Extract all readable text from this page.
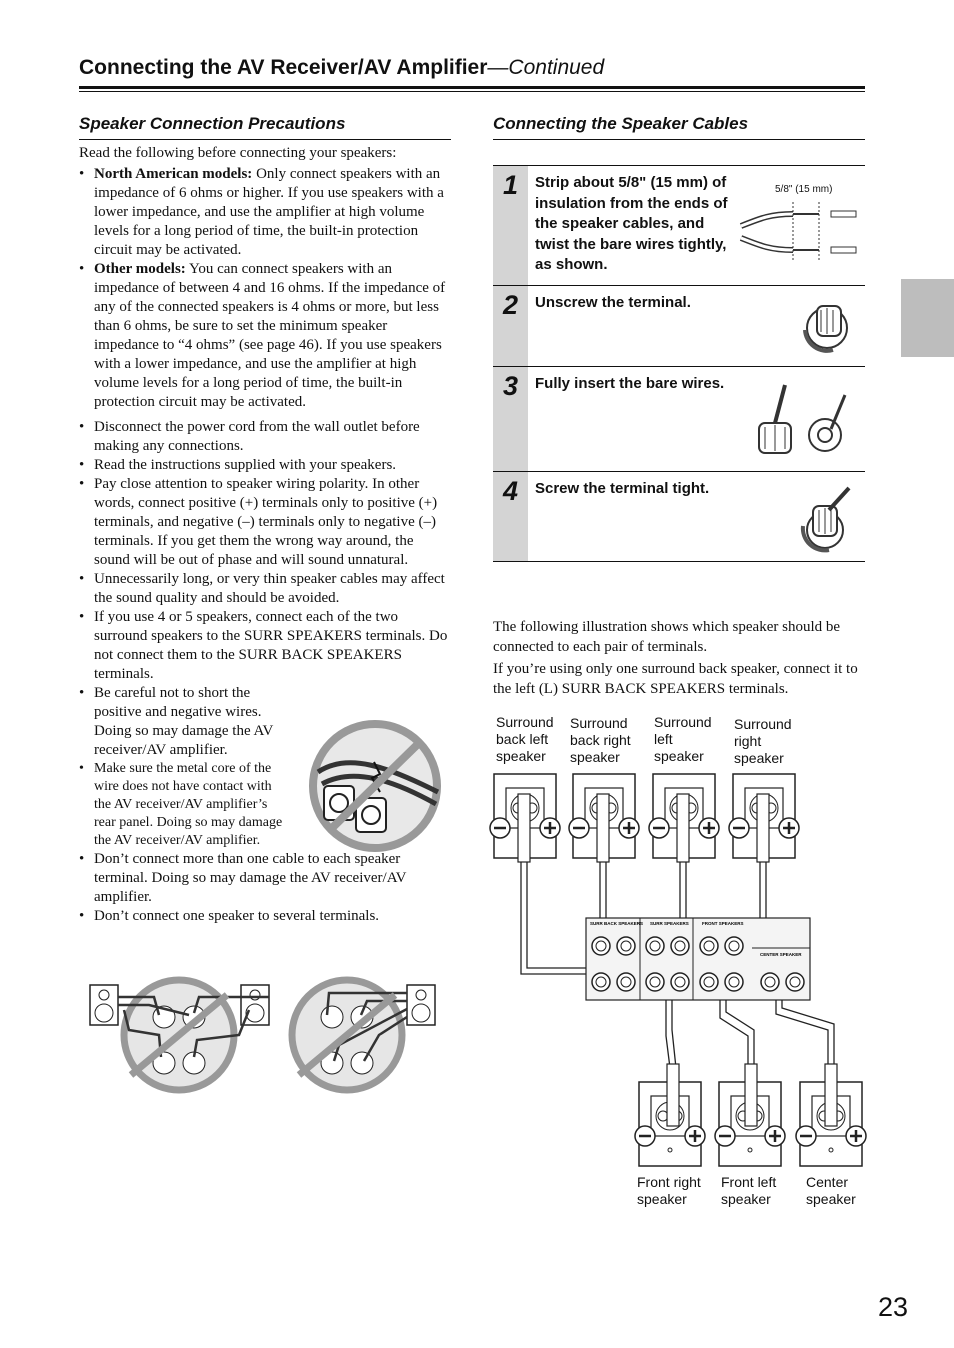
Connecting the AV Receiver/AV Amplifier—Continued
Speaker Connection Precautions

Read the following before connecting your speakers:

• North American models: Only connect speakers with an impedance of 6 ohms or higher. If you use speakers with a lower impedance, and use the amplifier at high volume levels for a long period of time, the built-in protection circuit may be activated.
• Other models: You can connect speakers with an impedance of between 4 and 16 ohms. If the impedance of any of the connected speakers is 4 ohms or more, but less than 6 ohms, be sure to set the minimum speaker impedance to “4 ohms” (see page 46). If you use speakers with a lower impedance, and use the amplifier at high volume levels for a long period of time, the built-in protection circuit may be activated.
• Disconnect the power cord from the wall outlet before making any connections.
• Read the instructions supplied with your speakers.
• Pay close attention to speaker wiring polarity. In other words, connect positive (+) terminals only to positive (+) terminals, and negative (–) terminals only to negative (–) terminals. If you get them the wrong way around, the sound will be out of phase and will sound unnatural.
• Unnecessarily long, or very thin speaker cables may affect the sound quality and should be avoided.
• If you use 4 or 5 speakers, connect each of the two surround speakers to the SURR SPEAKERS terminals. Do not connect them to the SURR BACK SPEAKERS terminals.
• Be careful not to short the positive and negative wires. Doing so may damage the AV receiver/AV amplifier.
• Make sure the metal core of the wire does not have contact with the AV receiver/AV amplifier’s rear panel. Doing so may damage the AV receiver/AV amplifier.
• Don’t connect more than one cable to each speaker terminal. Doing so may damage the AV receiver/AV amplifier.
• Don’t connect one speaker to several terminals.
Connecting the Speaker Cables
1	Strip about 5/8" (15 mm) of insulation from the ends of the speaker cables, and twist the bare wires tightly, as shown.
5/8" (15 mm)
2	Unscrew the terminal.
3	Fully insert the bare wires.
4	Screw the terminal tight.

The following illustration shows which speaker should be connected to each pair of terminals.

If you’re using only one surround back speaker, connect it to the left (L) SURR BACK SPEAKERS terminals.

Surround back left speaker
Surround back right speaker
Surround left speaker
Surround right speaker
Front right speaker
Front left speaker
Center speaker
SURR BACK SPEAKERS SURR SPEAKERS	FRONT SPEAKERS
CENTER SPEAKER
23
